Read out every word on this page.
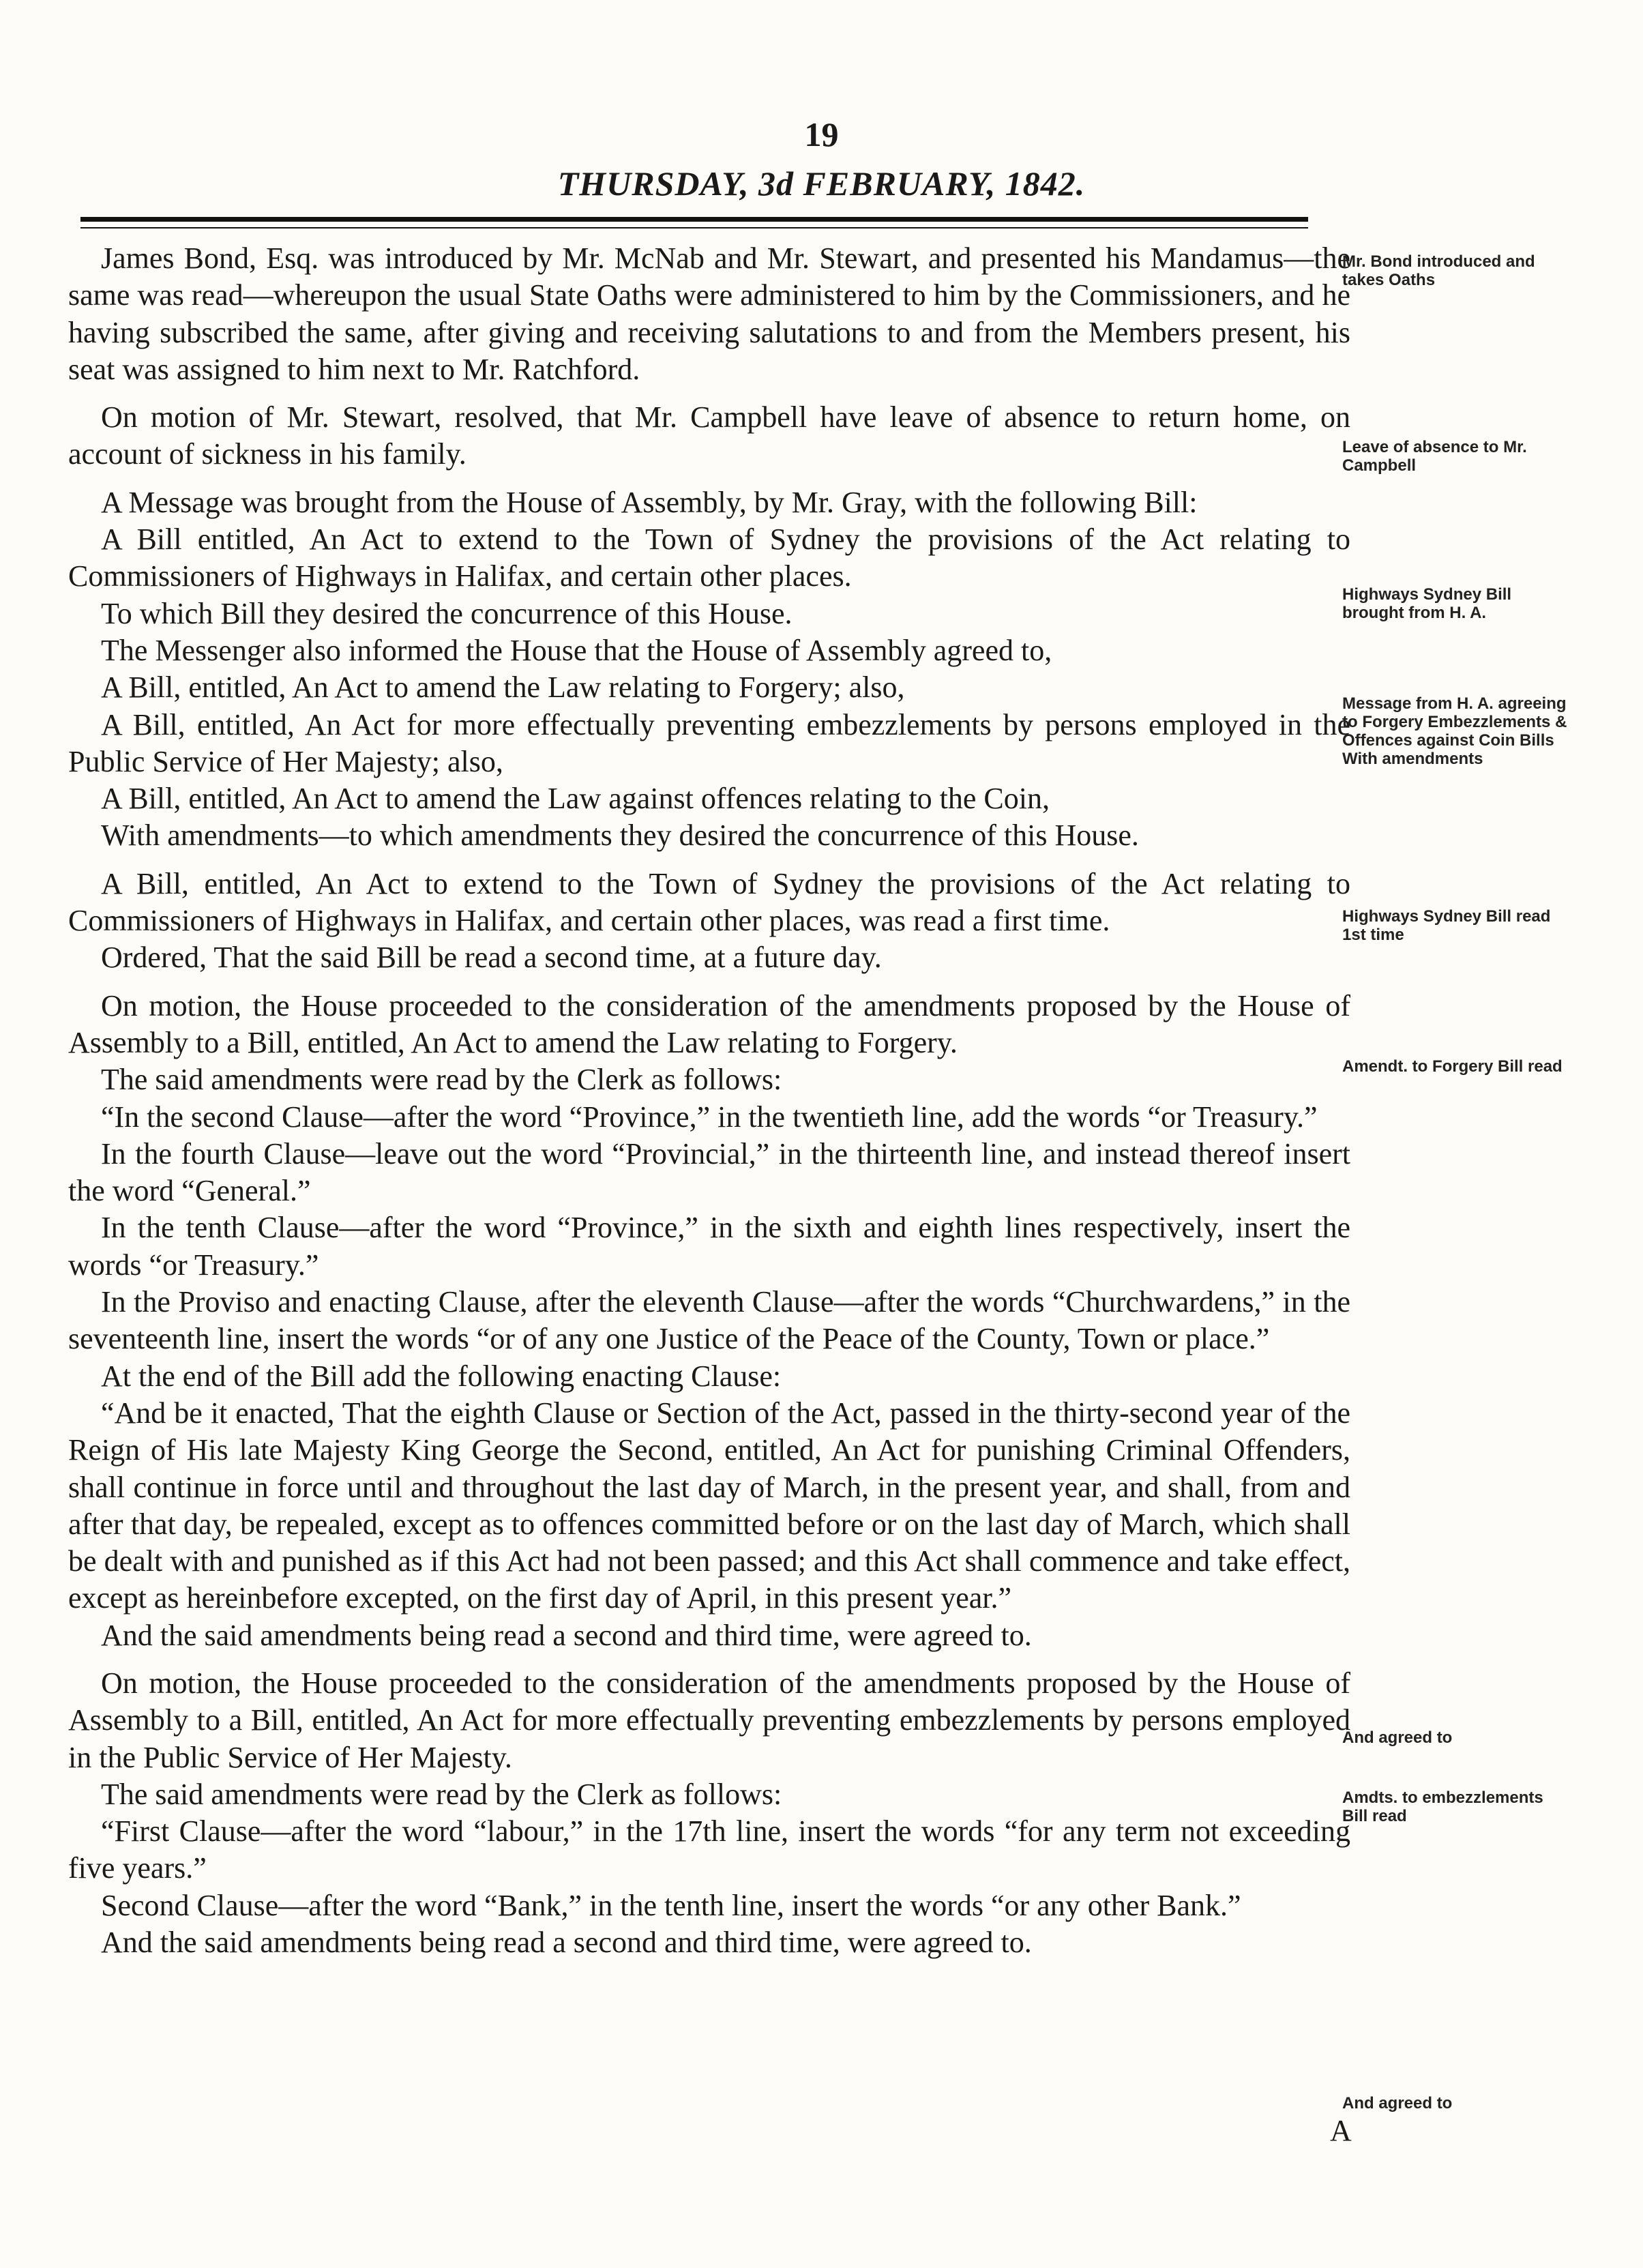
19
THURSDAY, 3d FEBRUARY, 1842.

James Bond, Esq. was introduced by Mr. McNab and Mr. Stewart, and presented his Mandamus—the same was read—whereupon the usual State Oaths were administered to him by the Commissioners, and he having subscribed the same, after giving and receiving salutations to and from the Members present, his seat was assigned to him next to Mr. Ratchford.

On motion of Mr. Stewart, resolved, that Mr. Campbell have leave of absence to return home, on account of sickness in his family.

A Message was brought from the House of Assembly, by Mr. Gray, with the following Bill:

A Bill entitled, An Act to extend to the Town of Sydney the provisions of the Act relating to Commissioners of Highways in Halifax, and certain other places.

To which Bill they desired the concurrence of this House.

The Messenger also informed the House that the House of Assembly agreed to,

A Bill, entitled, An Act to amend the Law relating to Forgery; also,

A Bill, entitled, An Act for more effectually preventing embezzlements by persons employed in the Public Service of Her Majesty; also,

A Bill, entitled, An Act to amend the Law against offences relating to the Coin,

With amendments—to which amendments they desired the concurrence of this House.

A Bill, entitled, An Act to extend to the Town of Sydney the provisions of the Act relating to Commissioners of Highways in Halifax, and certain other places, was read a first time.

Ordered, That the said Bill be read a second time, at a future day.

On motion, the House proceeded to the consideration of the amendments proposed by the House of Assembly to a Bill, entitled, An Act to amend the Law relating to Forgery.

The said amendments were read by the Clerk as follows:

“In the second Clause—after the word “Province,” in the twentieth line, add the words “or Treasury.”

In the fourth Clause—leave out the word “Provincial,” in the thirteenth line, and instead thereof insert the word “General.”

In the tenth Clause—after the word “Province,” in the sixth and eighth lines respectively, insert the words “or Treasury.”

In the Proviso and enacting Clause, after the eleventh Clause—after the words “Churchwardens,” in the seventeenth line, insert the words “or of any one Justice of the Peace of the County, Town or place.”

At the end of the Bill add the following enacting Clause:

“And be it enacted, That the eighth Clause or Section of the Act, passed in the thirty-second year of the Reign of His late Majesty King George the Second, entitled, An Act for punishing Criminal Offenders, shall continue in force until and throughout the last day of March, in the present year, and shall, from and after that day, be repealed, except as to offences committed before or on the last day of March, which shall be dealt with and punished as if this Act had not been passed; and this Act shall commence and take effect, except as hereinbefore excepted, on the first day of April, in this present year.”

And the said amendments being read a second and third time, were agreed to.

On motion, the House proceeded to the consideration of the amendments proposed by the House of Assembly to a Bill, entitled, An Act for more effectually preventing embezzlements by persons employed in the Public Service of Her Majesty.

The said amendments were read by the Clerk as follows:

“First Clause—after the word “labour,” in the 17th line, insert the words “for any term not exceeding five years.”

Second Clause—after the word “Bank,” in the tenth line, insert the words “or any other Bank.”

And the said amendments being read a second and third time, were agreed to.

Mr. Bond introduced and takes Oaths
Leave of absence to Mr. Campbell
Highways Sydney Bill brought from H. A.
Message from H. A. agreeing to Forgery Embezzlements & Offences against Coin Bills With amendments
Highways Sydney Bill read 1st time
Amendt. to Forgery Bill read
And agreed to
Amdts. to embezzlements Bill read
And agreed to
A
